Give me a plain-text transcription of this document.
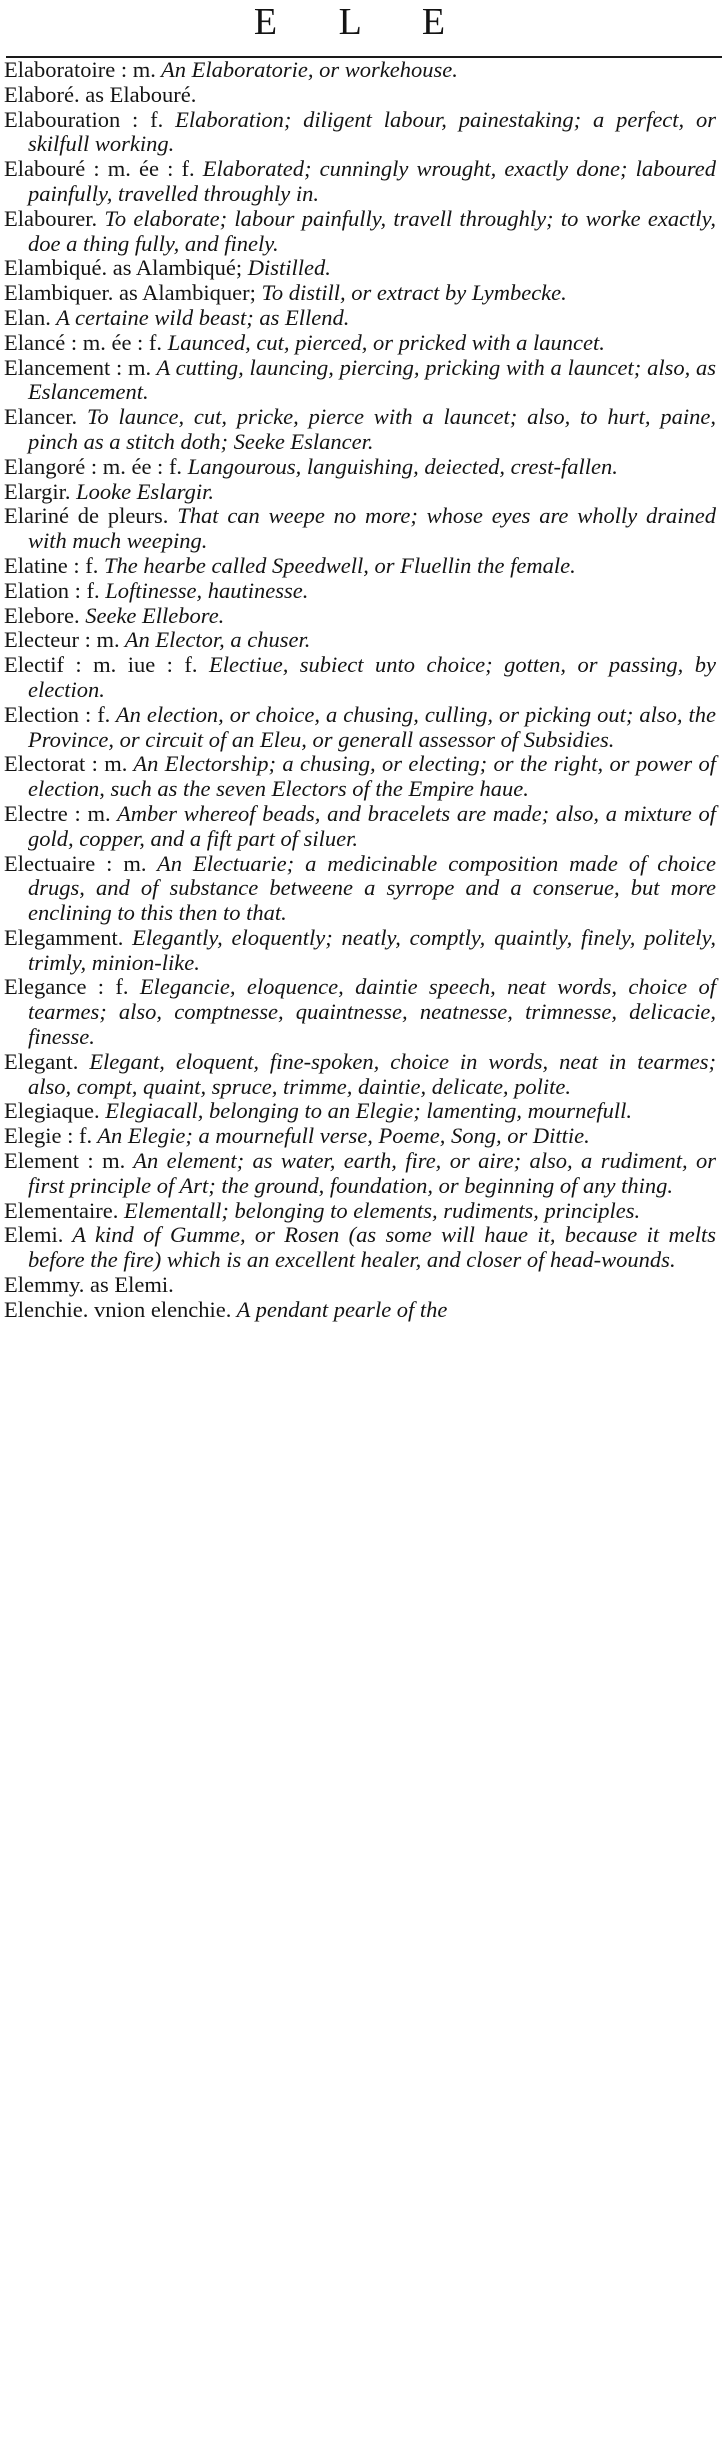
E L E

Elaboratoire : m. An Elaboratorie, or workehouse.

Elaboré. as Elabouré.

Elabouration : f. Elaboration; diligent labour, painestaking; a perfect, or skilfull working.

Elabouré : m. ée : f. Elaborated; cunningly wrought, exactly done; laboured painfully, travelled throughly in.

Elabourer. To elaborate; labour painfully, travell throughly; to worke exactly, doe a thing fully, and finely.

Elambiqué. as Alambiqué; Distilled.

Elambiquer. as Alambiquer; To distill, or extract by Lymbecke.

Elan. A certaine wild beast; as Ellend.

Elancé : m. ée : f. Launced, cut, pierced, or pricked with a launcet.

Elancement : m. A cutting, launcing, piercing, pricking with a launcet; also, as Eslancement.

Elancer. To launce, cut, pricke, pierce with a launcet; also, to hurt, paine, pinch as a stitch doth; Seeke Eslancer.

Elangoré : m. ée : f. Langourous, languishing, deiected, crest-fallen.

Elargir. Looke Eslargir.

Elariné de pleurs. That can weepe no more; whose eyes are wholly drained with much weeping.

Elatine : f. The hearbe called Speedwell, or Fluellin the female.

Elation : f. Loftinesse, hautinesse.

Elebore. Seeke Ellebore.

Electeur : m. An Elector, a chuser.

Electif : m. iue : f. Electiue, subiect unto choice; gotten, or passing, by election.

Election : f. An election, or choice, a chusing, culling, or picking out; also, the Province, or circuit of an Eleu, or generall assessor of Subsidies.

Electorat : m. An Electorship; a chusing, or electing; or the right, or power of election, such as the seven Electors of the Empire haue.

Electre : m. Amber whereof beads, and bracelets are made; also, a mixture of gold, copper, and a fift part of siluer.

Electuaire : m. An Electuarie; a medicinable composition made of choice drugs, and of substance betweene a syrrope and a conserue, but more enclining to this then to that.

Elegamment. Elegantly, eloquently; neatly, comptly, quaintly, finely, politely, trimly, minion-like.

Elegance : f. Elegancie, eloquence, daintie speech, neat words, choice of tearmes; also, comptnesse, quaintnesse, neatnesse, trimnesse, delicacie, finesse.

Elegant. Elegant, eloquent, fine-spoken, choice in words, neat in tearmes; also, compt, quaint, spruce, trimme, daintie, delicate, polite.

Elegiaque. Elegiacall, belonging to an Elegie; lamenting, mournefull.

Elegie : f. An Elegie; a mournefull verse, Poeme, Song, or Dittie.

Element : m. An element; as water, earth, fire, or aire; also, a rudiment, or first principle of Art; the ground, foundation, or beginning of any thing.

Elementaire. Elementall; belonging to elements, rudiments, principles.

Elemi. A kind of Gumme, or Rosen (as some will haue it, because it melts before the fire) which is an excellent healer, and closer of head-wounds.

Elemmy. as Elemi.

Elenchie. vnion elenchie. A pendant pearle of the
